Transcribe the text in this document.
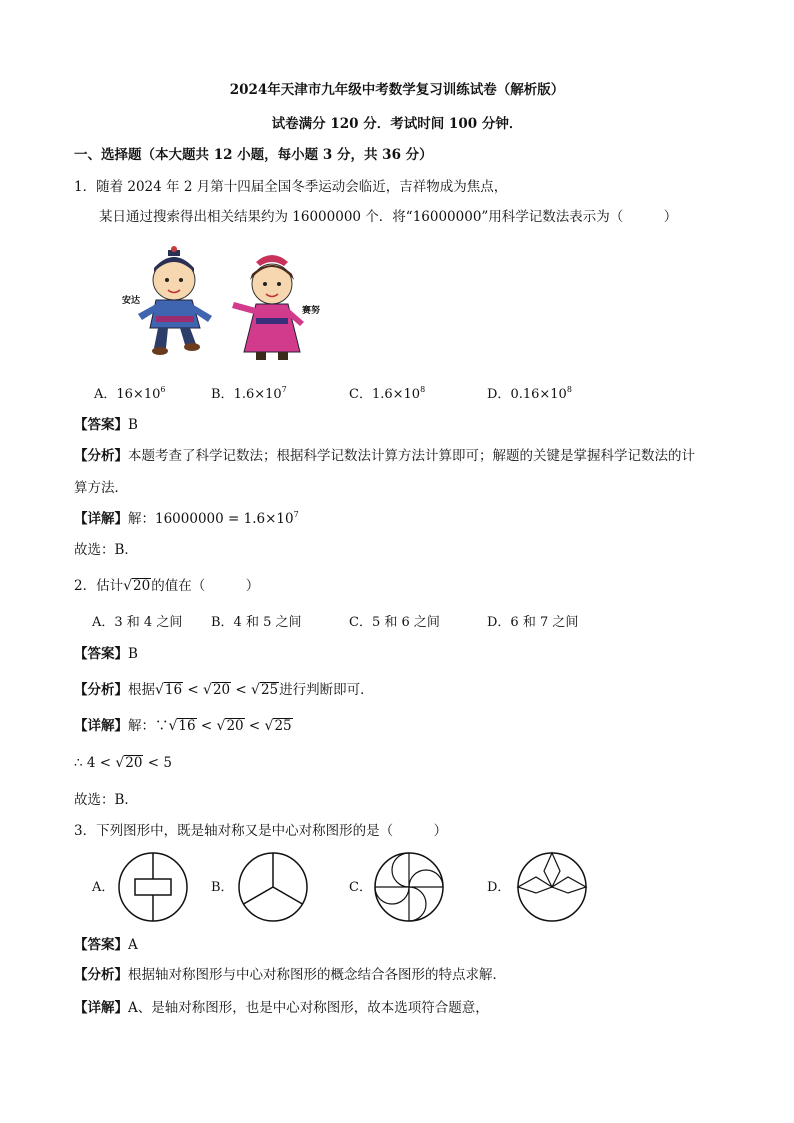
2024年天津市九年级中考数学复习训练试卷（解析版）
试卷满分 120 分．考试时间 100 分钟．
一、选择题（本大题共 12 小题，每小题 3 分，共 36 分）
1．随着 2024 年 2 月第十四届全国冬季运动会临近，吉祥物成为焦点，
某日通过搜索得出相关结果约为 16000000 个．将“16000000”用科学记数法表示为（　　　）
安达
赛努
A．$16\times 10^6$	B．$1.6\times 10^7$	C．$1.6\times 10^8$	D．$0.16\times 10^8$
【答案】B
【分析】本题考查了科学记数法；根据科学记数法计算方法计算即可；解题的关键是掌握科学记数法的计
算方法．
【详解】解：$16000000 = 1.6\times 10^7$
故选：B．
2．估计√20的值在（　　　）
A．3 和 4 之间 B．4 和 5 之间	C．5 和 6 之间	D．6 和 7 之间
【答案】B
【分析】根据√16 < √20 < √25进行判断即可．
【详解】解：∵√16 < √20 < √25
∴ 4 < √20 < 5
故选：B．
3．下列图形中，既是轴对称又是中心对称图形的是（　　　）
A．	B．	C．	D．
【答案】A
【分析】根据轴对称图形与中心对称图形的概念结合各图形的特点求解．
【详解】A、是轴对称图形，也是中心对称图形，故本选项符合题意，
